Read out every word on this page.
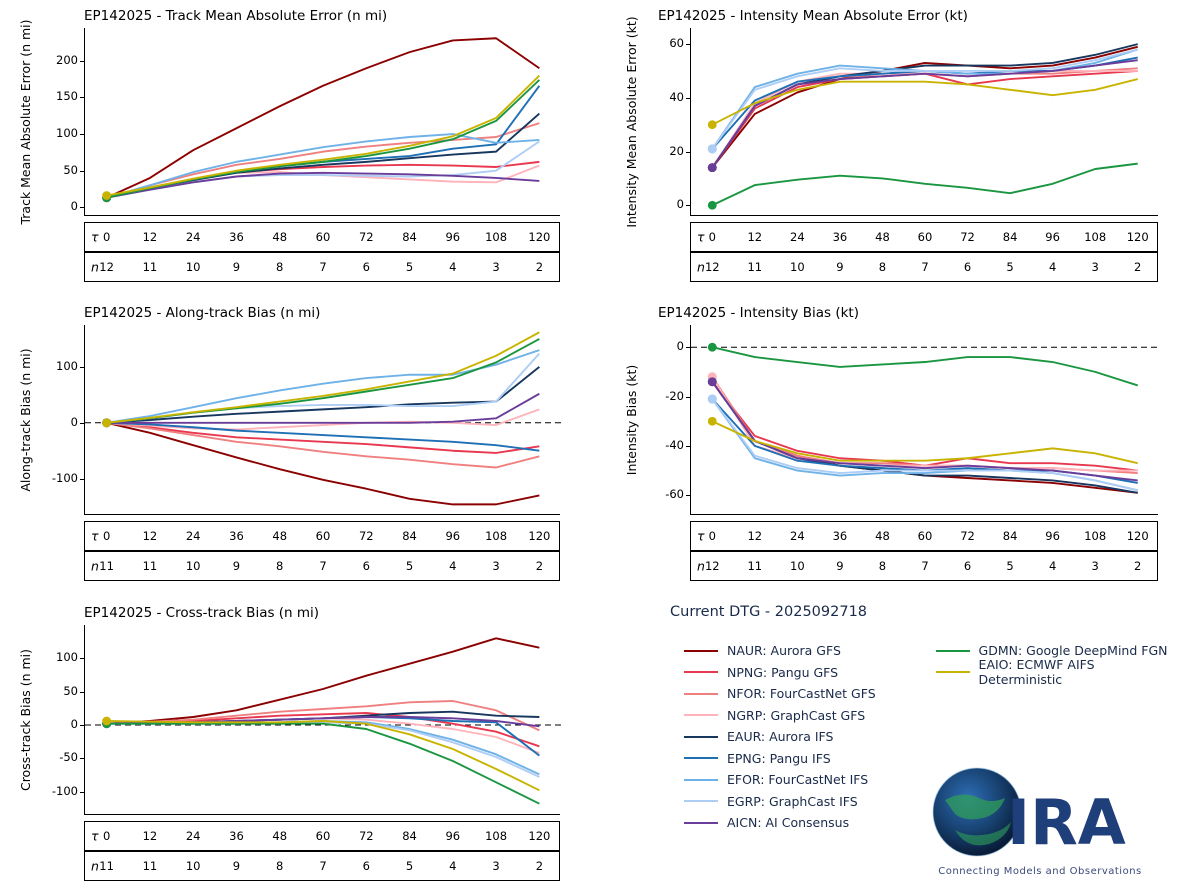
EP142025 - Track Mean Absolute Error (n mi)
Track Mean Absolute Error (n mi)	0
50
100
150
200
τ 0	12 24 36 48 60 72 84 96 108 120
n 12 11 10	9	8	7	6	5	4	3	2
EP142025 - Intensity Mean Absolute Error (kt)
Intensity Mean Absolute Error (kt)	0
20
40
60
τ 0	12 24 36 48 60 72 84 96 108 120
n 12 11 10	9	8	7	6	5	4	3	2
EP142025 - Along-track Bias (n mi)
Along-track Bias (n mi)	-100
0
100
τ 0	12 24 36 48 60 72 84 96 108 120
n 11 11 10	9	8	7	6	5	4	3	2
EP142025 - Intensity Bias (kt)
Intensity Bias (kt)
-60
-40
-20
0
τ 0	12 24 36 48 60 72 84 96 108 120
n 12 11 10	9	8	7	6	5	4	3	2
EP142025 - Cross-track Bias (n mi)
Cross-track Bias (n mi)	-100
-50
0
50
100
τ 0	12 24 36 48 60 72 84 96 108 120
n 11 11 10	9	8	7	6	5	4	3	2
Current DTG - 2025092718
NAUR: Aurora GFS
NPNG: Pangu GFS
NFOR: FourCastNet GFS
NGRP: GraphCast GFS
EAUR: Aurora IFS
EPNG: Pangu IFS
EFOR: FourCastNet IFS
EGRP: GraphCast IFS
AICN: AI Consensus
GDMN: Google DeepMind FGN
EAIO: ECMWF AIFS Deterministic
IRA
Connecting Models and Observations
